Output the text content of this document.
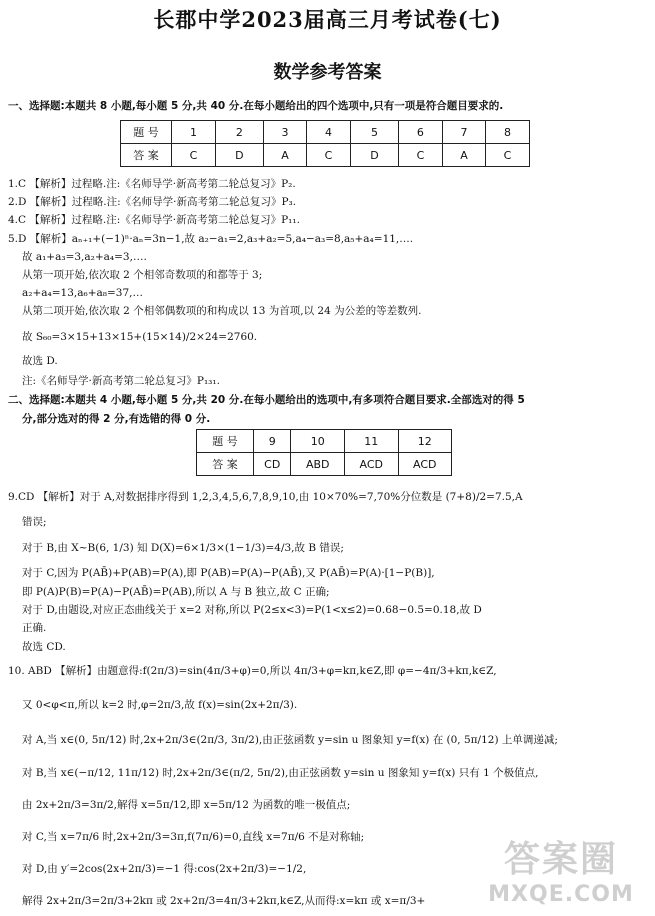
长郡中学2023届高三月考试卷(七)
数学参考答案
一、选择题:本题共 8 小题,每小题 5 分,共 40 分.在每小题给出的四个选项中,只有一项是符合题目要求的.
题 号	1	2	3	4	5	6	7	8
答 案	C	D	A	C	D	C	A	C
1.C 【解析】过程略.注:《名师导学·新高考第二轮总复习》P₂.
2.D 【解析】过程略.注:《名师导学·新高考第二轮总复习》P₃.
4.C 【解析】过程略.注:《名师导学·新高考第二轮总复习》P₁₁.
5.D 【解析】aₙ₊₁+(−1)ⁿ·aₙ=3n−1,故 a₂−a₁=2,a₃+a₂=5,a₄−a₃=8,a₅+a₄=11,….
故 a₁+a₃=3,a₂+a₄=3,….
从第一项开始,依次取 2 个相邻奇数项的和都等于 3;
a₂+a₄=13,a₆+a₈=37,…
从第二项开始,依次取 2 个相邻偶数项的和构成以 13 为首项,以 24 为公差的等差数列.
故 S₆₀=3×15+13×15+(15×14)/2×24=2760.
故选 D.
注:《名师导学·新高考第二轮总复习》P₁₃₁.
二、选择题:本题共 4 小题,每小题 5 分,共 20 分.在每小题给出的选项中,有多项符合题目要求.全部选对的得 5
分,部分选对的得 2 分,有选错的得 0 分.
题 号	9	10	11	12
答 案	CD	ABD	ACD	ACD
9.CD 【解析】对于 A,对数据排序得到 1,2,3,4,5,6,7,8,9,10,由 10×70%=7,70%分位数是 (7+8)/2=7.5,A
错误;
对于 B,由 X~B(6, 1/3) 知 D(X)=6×1/3×(1−1/3)=4/3,故 B 错误;
对于 C,因为 P(AB̄)+P(AB)=P(A),即 P(AB)=P(A)−P(AB̄),又 P(AB̄)=P(A)·[1−P(B)],
即 P(A)P(B)=P(A)−P(AB̄)=P(AB),所以 A 与 B 独立,故 C 正确;
对于 D,由题设,对应正态曲线关于 x=2 对称,所以 P(2≤x<3)=P(1<x≤2)=0.68−0.5=0.18,故 D
正确.
故选 CD.
10. ABD 【解析】由题意得:f(2π/3)=sin(4π/3+φ)=0,所以 4π/3+φ=kπ,k∈Z,即 φ=−4π/3+kπ,k∈Z,
又 0<φ<π,所以 k=2 时,φ=2π/3,故 f(x)=sin(2x+2π/3).
对 A,当 x∈(0, 5π/12) 时,2x+2π/3∈(2π/3, 3π/2),由正弦函数 y=sin u 图象知 y=f(x) 在 (0, 5π/12) 上单调递减;
对 B,当 x∈(−π/12, 11π/12) 时,2x+2π/3∈(π/2, 5π/2),由正弦函数 y=sin u 图象知 y=f(x) 只有 1 个极值点,
由 2x+2π/3=3π/2,解得 x=5π/12,即 x=5π/12 为函数的唯一极值点;
对 C,当 x=7π/6 时,2x+2π/3=3π,f(7π/6)=0,直线 x=7π/6 不是对称轴;
对 D,由 y′=2cos(2x+2π/3)=−1 得:cos(2x+2π/3)=−1/2,
解得 2x+2π/3=2π/3+2kπ 或 2x+2π/3=4π/3+2kπ,k∈Z,从而得:x=kπ 或 x=π/3+
答案圈
MXQE.COM
